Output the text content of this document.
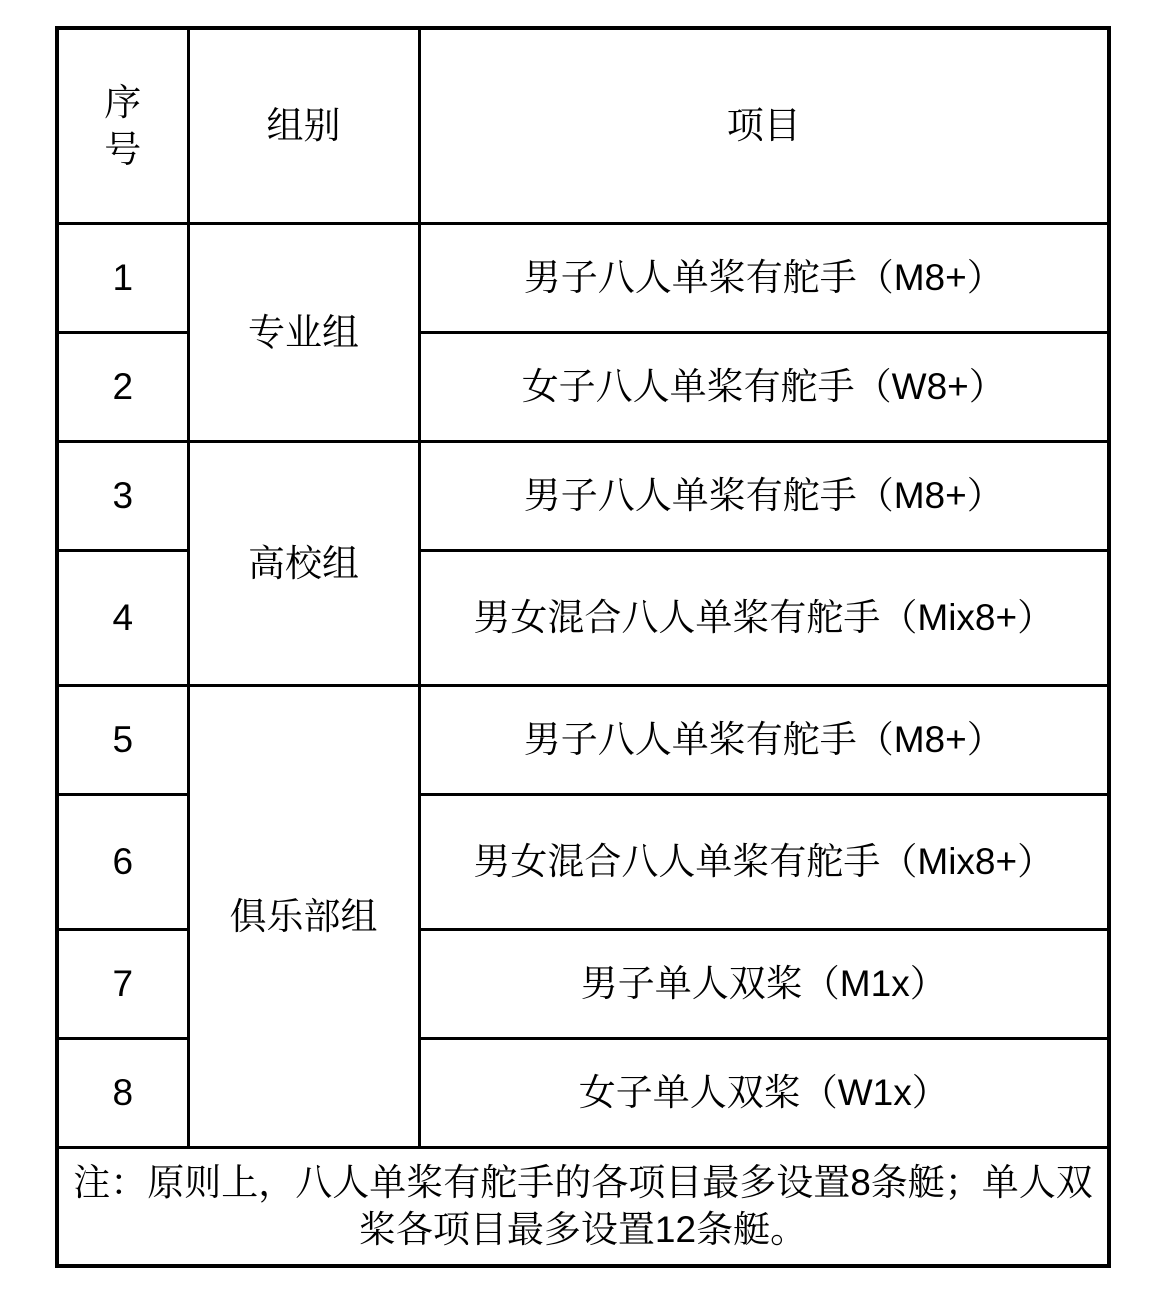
序
号	组别	项目
1	专业组	男子八人单桨有舵手（M8+）
2		女子八人单桨有舵手（W8+）
3	高校组	男子八人单桨有舵手（M8+）
4		男女混合八人单桨有舵手（Mix8+）
5	俱乐部组	男子八人单桨有舵手（M8+）
6		男女混合八人单桨有舵手（Mix8+）
7		男子单人双桨（M1x）
8		女子单人双桨（W1x）

注：原则上，八人单桨有舵手的各项目最多设置8条艇；单人双桨各项目最多设置12条艇。		
